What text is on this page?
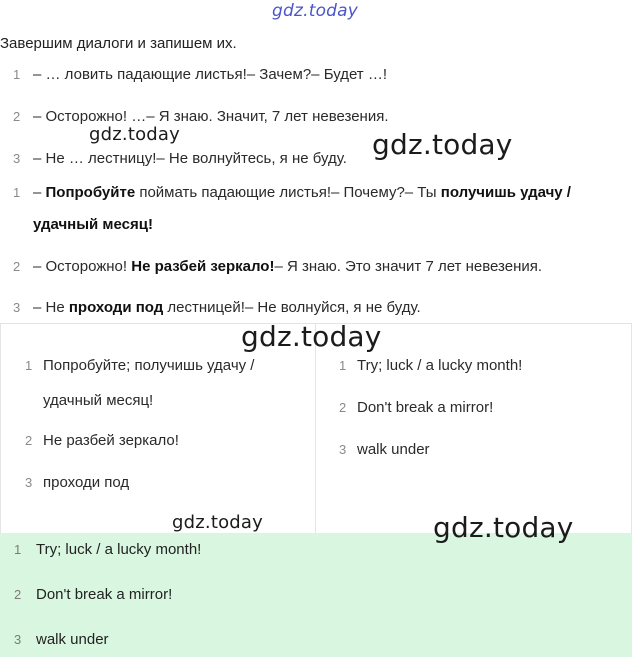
gdz.today
Завершим диалоги и запишем их.
1 – … ловить падающие листья!– Зачем?– Будет …!
2 – Осторожно! …– Я знаю. Значит, 7 лет невезения.
3 – Не … лестницу!– Не волнуйтесь, я не буду.
gdz.today	gdz.today
1 – Попробуйте поймать падающие листья!– Почему?– Ты получишь удачу /
удачный месяц!
2 – Осторожно! Не разбей зеркало!– Я знаю. Это значит 7 лет невезения.
3 – Не проходи под лестницей!– Не волнуйся, я не буду.
1 Попробуйте; получишь удачу /
удачный месяц!
2 Не разбей зеркало!
3 проходи под
1 Try; luck / a lucky month!
2 Don't break a mirror!
3 walk under
gdz.today
1 Try; luck / a lucky month!
2 Don't break a mirror!
3 walk under
gdz.today	gdz.today
